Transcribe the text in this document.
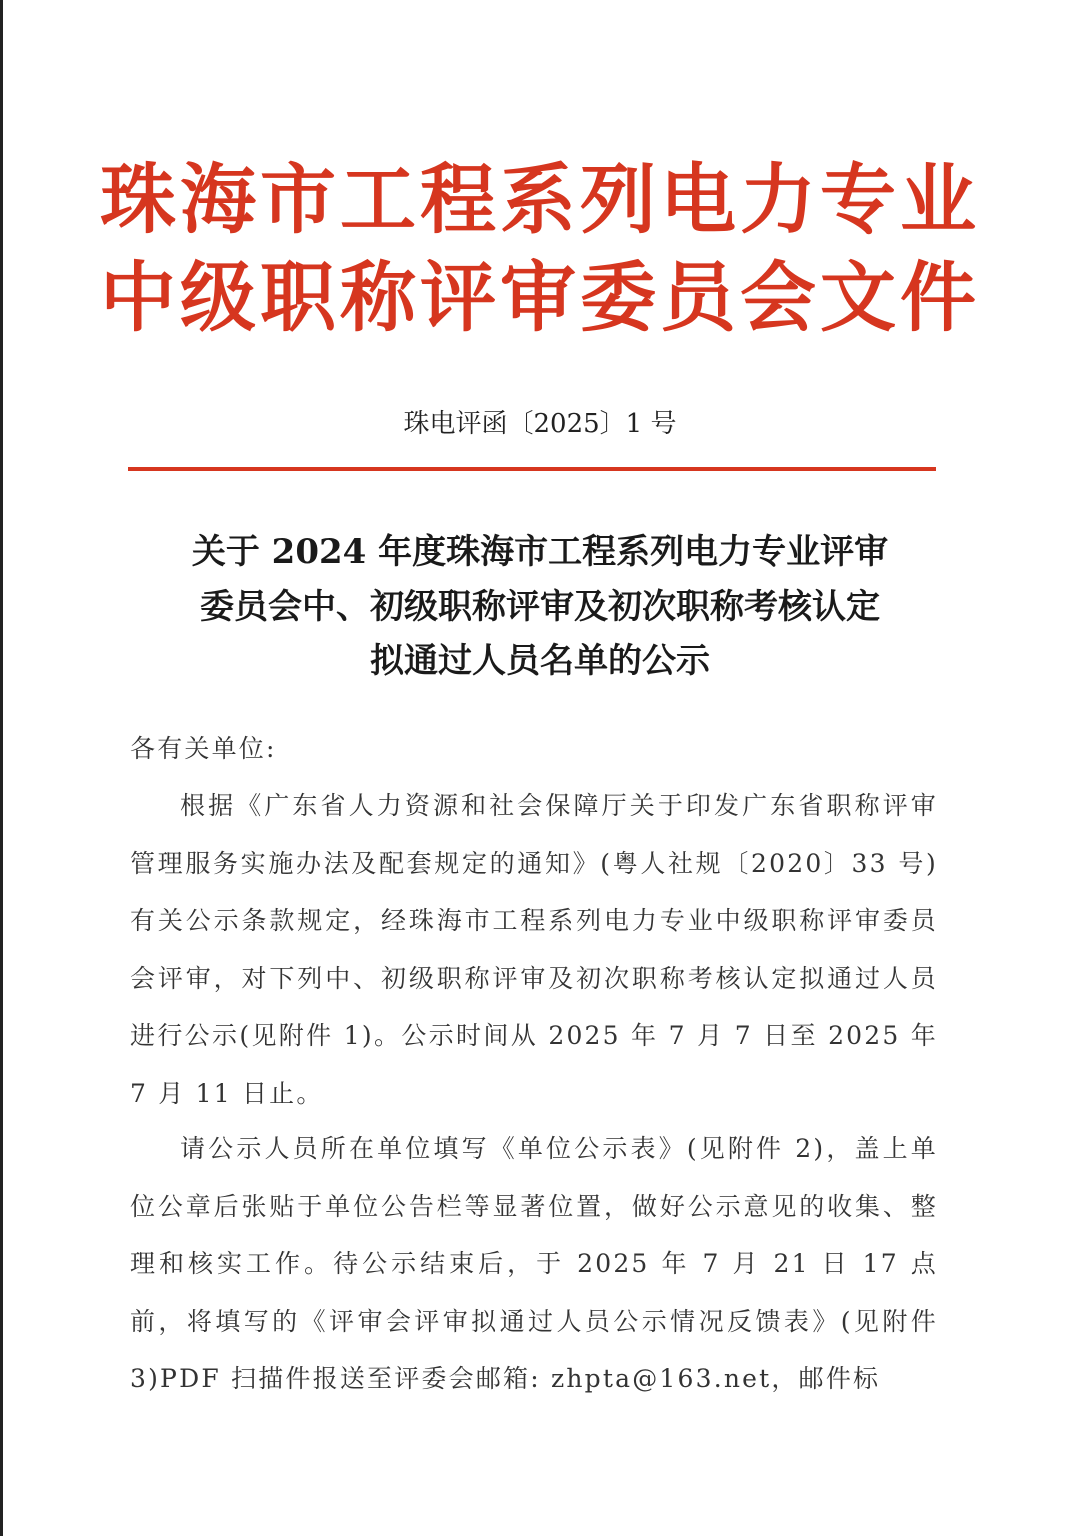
珠海市工程系列电力专业
中级职称评审委员会文件
珠电评函〔2025〕1 号
关于 2024 年度珠海市工程系列电力专业评审
委员会中、初级职称评审及初次职称考核认定
拟通过人员名单的公示
各有关单位:
根据《广东省人力资源和社会保障厅关于印发广东省职称评审管理服务实施办法及配套规定的通知》(粤人社规〔2020〕33 号)有关公示条款规定，经珠海市工程系列电力专业中级职称评审委员会评审，对下列中、初级职称评审及初次职称考核认定拟通过人员进行公示(见附件 1)。公示时间从 2025 年 7 月 7 日至 2025 年 7 月 11 日止。
请公示人员所在单位填写《单位公示表》(见附件 2)，盖上单位公章后张贴于单位公告栏等显著位置，做好公示意见的收集、整理和核实工作。待公示结束后，于 2025 年 7 月 21 日 17 点前，将填写的《评审会评审拟通过人员公示情况反馈表》(见附件 3)PDF 扫描件报送至评委会邮箱: zhpta@163.net，邮件标
